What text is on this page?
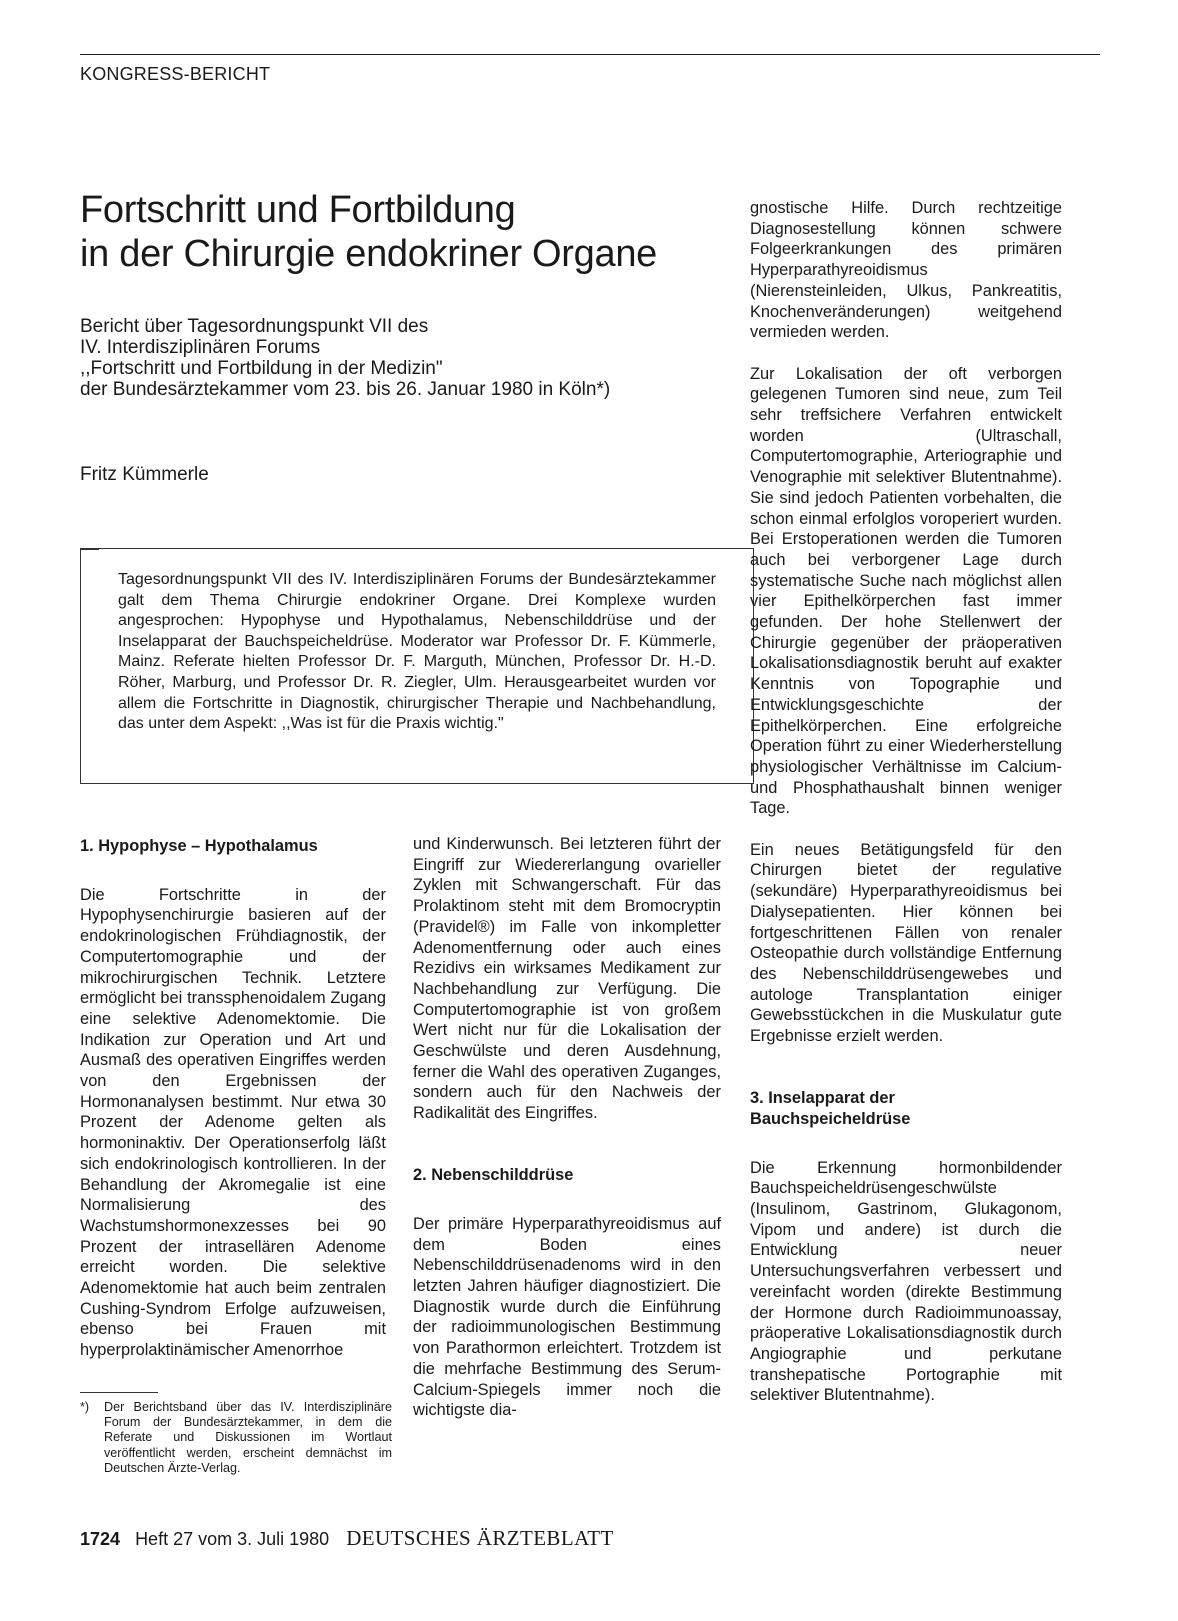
KONGRESS-BERICHT
Fortschritt und Fortbildung
in der Chirurgie endokriner Organe
Bericht über Tagesordnungspunkt VII des
IV. Interdisziplinären Forums
,,Fortschritt und Fortbildung in der Medizin"
der Bundesärztekammer vom 23. bis 26. Januar 1980 in Köln*)
Fritz Kümmerle
Tagesordnungspunkt VII des IV. Interdisziplinären Forums der Bundesärztekammer galt dem Thema Chirurgie endokriner Organe. Drei Komplexe wurden angesprochen: Hypophyse und Hypothalamus, Nebenschilddrüse und der Inselapparat der Bauchspeicheldrüse. Moderator war Professor Dr. F. Kümmerle, Mainz. Referate hielten Professor Dr. F. Marguth, München, Professor Dr. H.-D. Röher, Marburg, und Professor Dr. R. Ziegler, Ulm. Herausgearbeitet wurden vor allem die Fortschritte in Diagnostik, chirurgischer Therapie und Nachbehandlung, das unter dem Aspekt: ,,Was ist für die Praxis wichtig."
1. Hypophyse – Hypothalamus

Die Fortschritte in der Hypophysenchirurgie basieren auf der endokrinologischen Frühdiagnostik, der Computertomographie und der mikrochirurgischen Technik. Letztere ermöglicht bei transsphenoidalem Zugang eine selektive Adenomektomie. Die Indikation zur Operation und Art und Ausmaß des operativen Eingriffes werden von den Ergebnissen der Hormonanalysen bestimmt. Nur etwa 30 Prozent der Adenome gelten als hormoninaktiv. Der Operationserfolg läßt sich endokrinologisch kontrollieren. In der Behandlung der Akromegalie ist eine Normalisierung des Wachstumshormonexzesses bei 90 Prozent der intrasellären Adenome erreicht worden. Die selektive Adenomektomie hat auch beim zentralen Cushing-Syndrom Erfolge aufzuweisen, ebenso bei Frauen mit hyperprolaktinämischer Amenorrhoe

und Kinderwunsch. Bei letzteren führt der Eingriff zur Wiedererlangung ovarieller Zyklen mit Schwangerschaft. Für das Prolaktinom steht mit dem Bromocryptin (Pravidel®) im Falle von inkompletter Adenomentfernung oder auch eines Rezidivs ein wirksames Medikament zur Nachbehandlung zur Verfügung. Die Computertomographie ist von großem Wert nicht nur für die Lokalisation der Geschwülste und deren Ausdehnung, ferner die Wahl des operativen Zuganges, sondern auch für den Nachweis der Radikalität des Eingriffes.

2. Nebenschilddrüse

Der primäre Hyperparathyreoidismus auf dem Boden eines Nebenschilddrüsenadenoms wird in den letzten Jahren häufiger diagnostiziert. Die Diagnostik wurde durch die Einführung der radioimmunologischen Bestimmung von Parathormon erleichtert. Trotzdem ist die mehrfache Bestimmung des Serum-Calcium-Spiegels immer noch die wichtigste dia-

gnostische Hilfe. Durch rechtzeitige Diagnosestellung können schwere Folgeerkrankungen des primären Hyperparathyreoidismus (Nierensteinleiden, Ulkus, Pankreatitis, Knochenveränderungen) weitgehend vermieden werden.

Zur Lokalisation der oft verborgen gelegenen Tumoren sind neue, zum Teil sehr treffsichere Verfahren entwickelt worden (Ultraschall, Computertomographie, Arteriographie und Venographie mit selektiver Blutentnahme). Sie sind jedoch Patienten vorbehalten, die schon einmal erfolglos voroperiert wurden. Bei Erstoperationen werden die Tumoren auch bei verborgener Lage durch systematische Suche nach möglichst allen vier Epithelkörperchen fast immer gefunden. Der hohe Stellenwert der Chirurgie gegenüber der präoperativen Lokalisationsdiagnostik beruht auf exakter Kenntnis von Topographie und Entwicklungsgeschichte der Epithelkörperchen. Eine erfolgreiche Operation führt zu einer Wiederherstellung physiologischer Verhältnisse im Calcium- und Phosphathaushalt binnen weniger Tage.

Ein neues Betätigungsfeld für den Chirurgen bietet der regulative (sekundäre) Hyperparathyreoidismus bei Dialysepatienten. Hier können bei fortgeschrittenen Fällen von renaler Osteopathie durch vollständige Entfernung des Nebenschilddrüsengewebes und autologe Transplantation einiger Gewebsstückchen in die Muskulatur gute Ergebnisse erzielt werden.

3. Inselapparat der
Bauchspeicheldrüse

Die Erkennung hormonbildender Bauchspeicheldrüsengeschwülste (Insulinom, Gastrinom, Glukagonom, Vipom und andere) ist durch die Entwicklung neuer Untersuchungsverfahren verbessert und vereinfacht worden (direkte Bestimmung der Hormone durch Radioimmunoassay, präoperative Lokalisationsdiagnostik durch Angiographie und perkutane transhepatische Portographie mit selektiver Blutentnahme).

*)	Der Berichtsband über das IV. Interdisziplinäre Forum der Bundesärztekammer, in dem die Referate und Diskussionen im Wortlaut veröffentlicht werden, erscheint demnächst im Deutschen Ärzte-Verlag.
1724 Heft 27 vom 3. Juli 1980 DEUTSCHES ÄRZTEBLATT
